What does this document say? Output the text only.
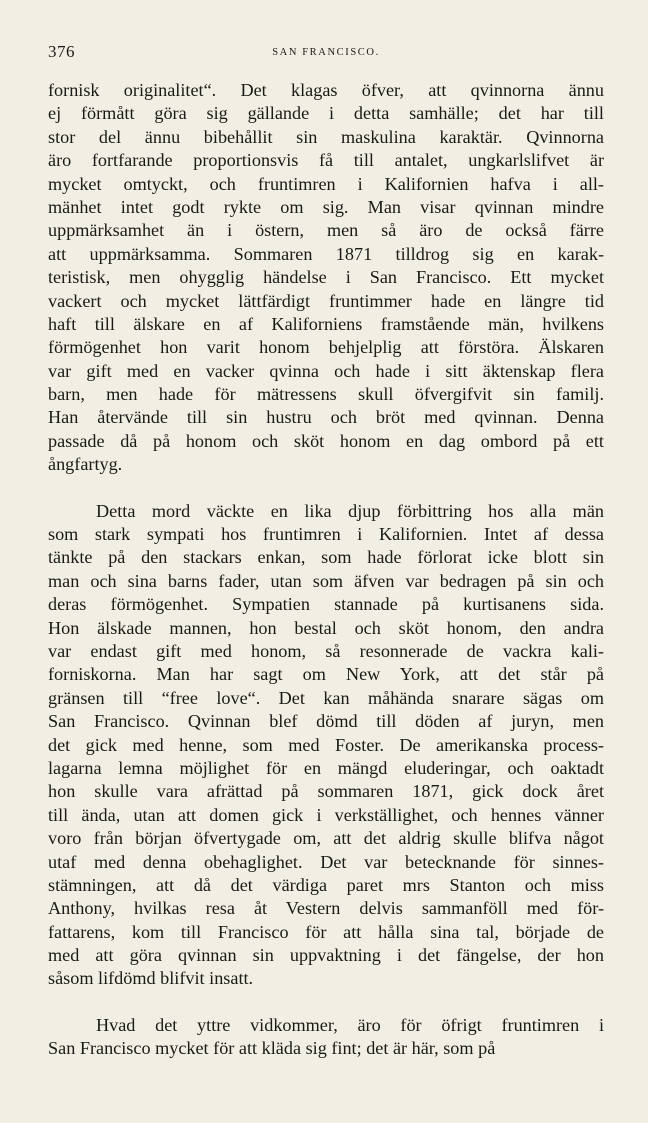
376	SAN FRANCISCO.
fornisk originalitet“. Det klagas öfver, att qvinnorna ännu
ej förmått göra sig gällande i detta samhälle; det har till
stor del ännu bibehållit sin maskulina karaktär. Qvinnorna
äro fortfarande proportionsvis få till antalet, ungkarlslifvet är
mycket omtyckt, och fruntimren i Kalifornien hafva i all-
mänhet intet godt rykte om sig. Man visar qvinnan mindre
uppmärksamhet än i östern, men så äro de också färre
att uppmärksamma. Sommaren 1871 tilldrog sig en karak-
teristisk, men ohygglig händelse i San Francisco. Ett mycket
vackert och mycket lättfärdigt fruntimmer hade en längre tid
haft till älskare en af Kaliforniens framstående män, hvilkens
förmögenhet hon varit honom behjelplig att förstöra. Älskaren
var gift med en vacker qvinna och hade i sitt äktenskap flera
barn, men hade för mätressens skull öfvergifvit sin familj.
Han återvände till sin hustru och bröt med qvinnan. Denna
passade då på honom och sköt honom en dag ombord på ett
ångfartyg.
Detta mord väckte en lika djup förbittring hos alla män
som stark sympati hos fruntimren i Kalifornien. Intet af dessa
tänkte på den stackars enkan, som hade förlorat icke blott sin
man och sina barns fader, utan som äfven var bedragen på sin och
deras förmögenhet. Sympatien stannade på kurtisanens sida.
Hon älskade mannen, hon bestal och sköt honom, den andra
var endast gift med honom, så resonnerade de vackra kali-
forniskorna. Man har sagt om New York, att det står på
gränsen till “free love“. Det kan måhända snarare sägas om
San Francisco. Qvinnan blef dömd till döden af juryn, men
det gick med henne, som med Foster. De amerikanska process-
lagarna lemna möjlighet för en mängd eluderingar, och oaktadt
hon skulle vara afrättad på sommaren 1871, gick dock året
till ända, utan att domen gick i verkställighet, och hennes vänner
voro från början öfvertygade om, att det aldrig skulle blifva något
utaf med denna obehaglighet. Det var betecknande för sinnes-
stämningen, att då det värdiga paret mrs Stanton och miss
Anthony, hvilkas resa åt Vestern delvis sammanföll med för-
fattarens, kom till Francisco för att hålla sina tal, började de
med att göra qvinnan sin uppvaktning i det fängelse, der hon
såsom lifdömd blifvit insatt.
Hvad det yttre vidkommer, äro för öfrigt fruntimren i
San Francisco mycket för att kläda sig fint; det är här, som på
